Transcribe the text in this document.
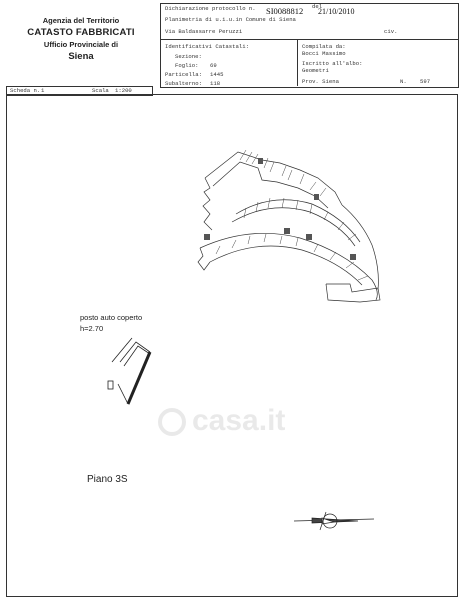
Agenzia del Territorio
CATASTO FABBRICATI
Ufficio Provinciale di
Siena
Dichiarazione protocollo n. SI0088812 del
21/10/2010
Planimetria di u.i.u.in Comune di Siena
Via Baldassarre Peruzzi	civ.
Identificativi Catastali:
Sezione:
Foglio: 69
Particella: 1445
Subalterno: 118
Compilata da:
Bocci Massimo
Iscritto all'albo:
Geometri
Prov. Siena	N. 597
Scheda n. 1	Scala 1:200
casa.it
posto auto coperto
h=2.70
Piano 3S
